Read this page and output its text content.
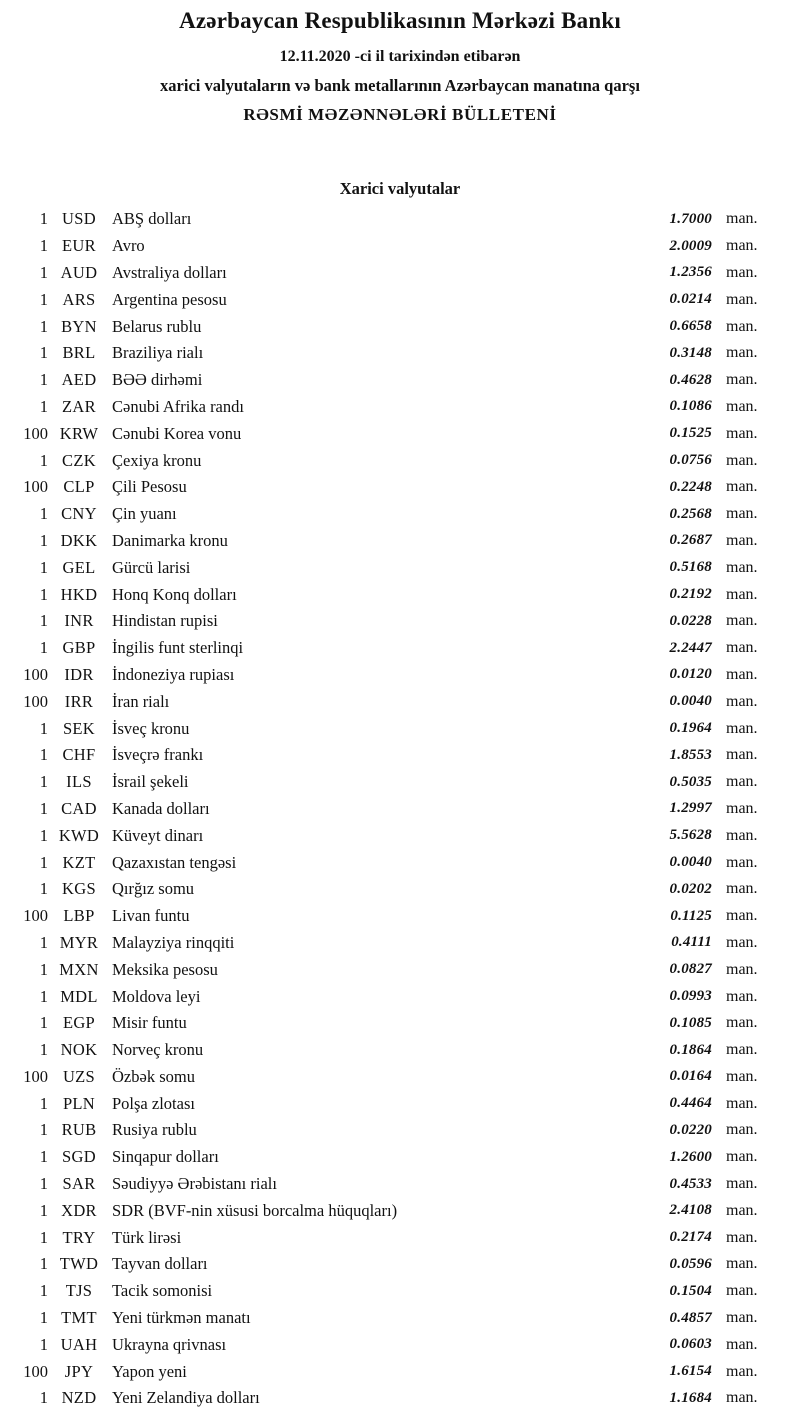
Azərbaycan Respublikasının Mərkəzi Bankı
12.11.2020 -ci il tarixindən etibarən
xarici valyutaların və bank metallarının Azərbaycan manatına qarşı
RƏSMİ MƏZƏNNƏLƏRİ BÜLLETENİ
Xarici valyutalar
1 USD ABŞ dolları	1.7000 man.
1 EUR Avro	2.0009 man.
1 AUD Avstraliya dolları	1.2356 man.
1 ARS	Argentina pesosu	0.0214 man.
1 BYN Belarus rublu	0.6658 man.
1 BRL	Braziliya rialı	0.3148 man.
1 AED BƏƏ dirhəmi	0.4628 man.
1 ZAR Cənubi Afrika randı	0.1086 man.
100 KRW Cənubi Korea vonu	0.1525 man.
1 CZK Çexiya kronu	0.0756 man.
100 CLP	Çili Pesosu	0.2248 man.
1 CNY Çin yuanı	0.2568 man.
1 DKK Danimarka kronu	0.2687 man.
1 GEL	Gürcü larisi	0.5168 man.
1 HKD Honq Konq dolları	0.2192 man.
1 INR	Hindistan rupisi	0.0228 man.
1 GBP	İngilis funt sterlinqi	2.2447 man.
100 IDR	İndoneziya rupiası	0.0120 man.
100	IRR	İran rialı	0.0040 man.
1 SEK	İsveç kronu	0.1964 man.
1 CHF	İsveçrə frankı	1.8553 man.
1	ILS	İsrail şekeli	0.5035 man.
1 CAD Kanada dolları	1.2997 man.
1 KWD Küveyt dinarı	5.5628 man.
1 KZT	Qazaxıstan tengəsi	0.0040 man.
1 KGS Qırğız somu	0.0202 man.
100 LBP	Livan funtu	0.1125 man.
1 MYR Malayziya rinqqiti	0.4111 man.
1 MXN Meksika pesosu	0.0827 man.
1 MDL Moldova leyi	0.0993 man.
1 EGP	Misir funtu	0.1085 man.
1 NOK Norveç kronu	0.1864 man.
100 UZS	Özbək somu	0.0164 man.
1 PLN	Polşa zlotası	0.4464 man.
1 RUB Rusiya rublu	0.0220 man.
1 SGD Sinqapur dolları	1.2600 man.
1 SAR	Səudiyyə Ərəbistanı rialı	0.4533 man.
1 XDR SDR (BVF-nin xüsusi borcalma hüquqları)	2.4108 man.
1 TRY	Türk lirəsi	0.2174 man.
1 TWD Tayvan dolları	0.0596 man.
1	TJS	Tacik somonisi	0.1504 man.
1 TMT Yeni türkmən manatı	0.4857 man.
1 UAH Ukrayna qrivnası	0.0603 man.
100	JPY	Yapon yeni	1.6154 man.
1 NZD Yeni Zelandiya dolları	1.1684 man.
